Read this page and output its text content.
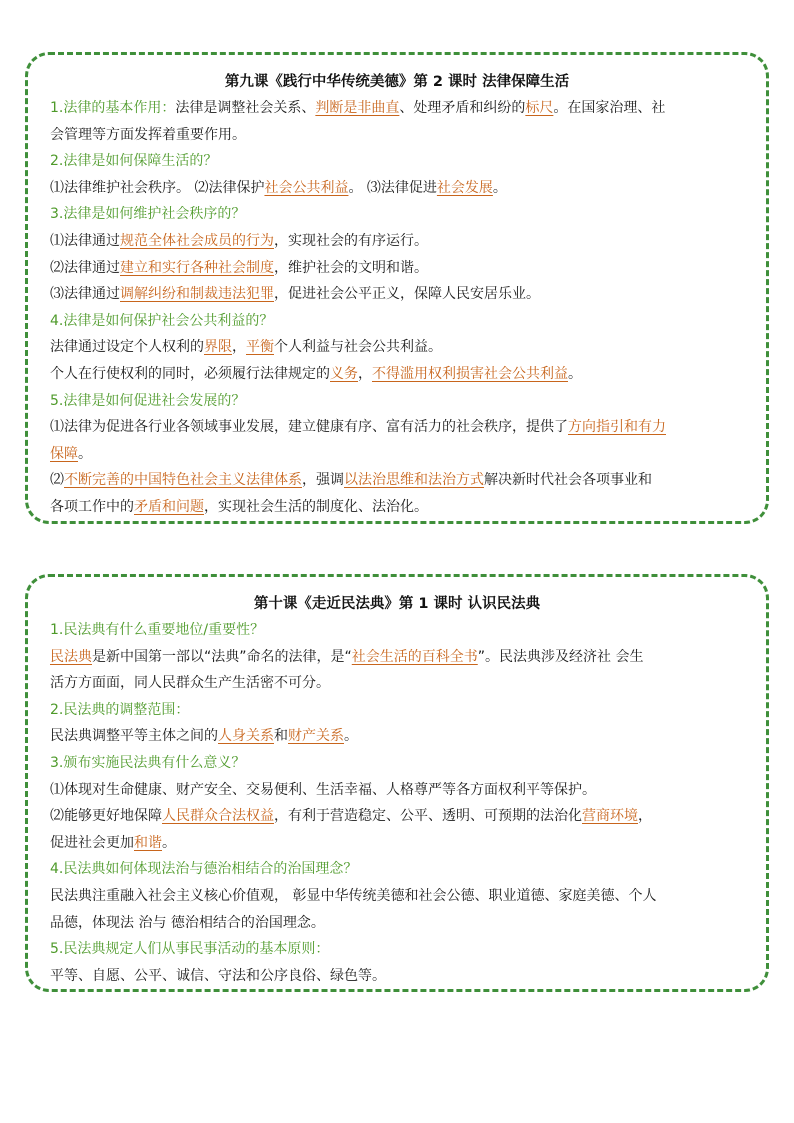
第九课《践行中华传统美德》第 2 课时 法律保障生活
1.法律的基本作用：法律是调整社会关系、判断是非曲直、处理矛盾和纠纷的标尺。在国家治理、社
会管理等方面发挥着重要作用。
2.法律是如何保障生活的？
⑴法律维护社会秩序。 ⑵法律保护社会公共利益。 ⑶法律促进社会发展。
3.法律是如何维护社会秩序的？
⑴法律通过规范全体社会成员的行为，实现社会的有序运行。
⑵法律通过建立和实行各种社会制度，维护社会的文明和谐。
⑶法律通过调解纠纷和制裁违法犯罪，促进社会公平正义，保障人民安居乐业。
4.法律是如何保护社会公共利益的？
法律通过设定个人权利的界限，平衡个人利益与社会公共利益。
个人在行使权利的同时，必须履行法律规定的义务，不得滥用权利损害社会公共利益。
5.法律是如何促进社会发展的？
⑴法律为促进各行业各领域事业发展，建立健康有序、富有活力的社会秩序，提供了方向指引和有力
保障。
⑵不断完善的中国特色社会主义法律体系，强调以法治思维和法治方式解决新时代社会各项事业和
各项工作中的矛盾和问题，实现社会生活的制度化、法治化。
第十课《走近民法典》第 1 课时 认识民法典
1.民法典有什么重要地位/重要性？
民法典是新中国第一部以“法典”命名的法律，是“社会生活的百科全书”。民法典涉及经济社 会生
活方方面面，同人民群众生产生活密不可分。
2.民法典的调整范围：
民法典调整平等主体之间的人身关系和财产关系。
3.颁布实施民法典有什么意义？
⑴体现对生命健康、财产安全、交易便利、生活幸福、人格尊严等各方面权利平等保护。
⑵能够更好地保障人民群众合法权益，有利于营造稳定、公平、透明、可预期的法治化营商环境，
促进社会更加和谐。
4.民法典如何体现法治与德治相结合的治国理念？
民法典注重融入社会主义核心价值观， 彰显中华传统美德和社会公德、职业道德、家庭美德、个人
品德，体现法 治与 德治相结合的治国理念。
5.民法典规定人们从事民事活动的基本原则：
平等、自愿、公平、诚信、守法和公序良俗、绿色等。
